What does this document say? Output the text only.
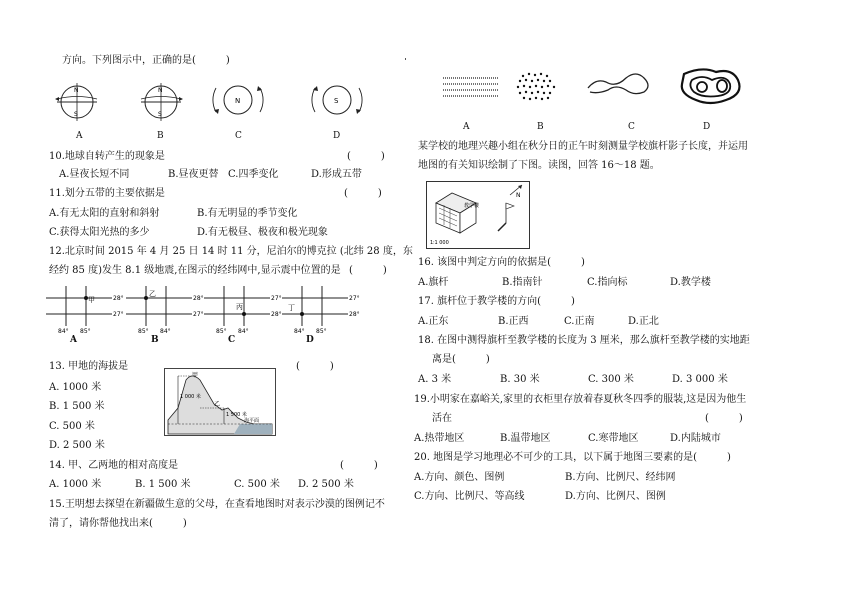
方向。下列图示中，正确的是(　　　)
N
S
N
S
N	S
A	B	C	D
10.地球自转产生的现象是	(　　　)
A.昼夜长短不同	B.昼夜更替 C.四季变化	D.形成五带
11.划分五带的主要依据是	(　　　)
A.有无太阳的直射和斜射	B.有无明显的季节变化
C.获得太阳光热的多少	D.有无极昼、极夜和极光现象
12.北京时间 2015 年 4 月 25 日 14 时 11 分，尼泊尔的博克拉 (北纬 28 度，东
经约 85 度)发生 8.1 级地震,在图示的经纬网中,显示震中位置的是 (　　　)
甲	28°
27°
84° 85°
乙
28°
27°
85° 84°
丙
27°
28°
85° 84°
丁
27°
28°
84° 85°
A	B	C	D
13. 甲地的海拔是	(　　　)
A. 1000 米
B. 1 500 米
C. 500 米
D. 2 500 米
甲
乙
1 000 米
1 500 米
海平面
14. 甲、乙两地的相对高度是	(　　　)
A. 1000 米	B. 1 500 米	C. 500 米 D. 2 500 米
15.王明想去探望在新疆做生意的父母，在查看地图时对表示沙漠的图例记不
清了，请你帮他找出来(　　　)
A	B	C	D
某学校的地理兴趣小组在秋分日的正午时刻测量学校旗杆影子长度，并运用
地图的有关知识绘制了下图。读图，回答 16～18 题。
教学楼
N
1∶1 000
16. 该图中判定方向的依据是(　　　)
A.旗杆	B.指南针	C.指向标	D.教学楼
17. 旗杆位于教学楼的方向(　　　)
A.正东	B.正西	C.正南	D.正北
18. 在图中测得旗杆至教学楼的长度为 3 厘米，那么旗杆至教学楼的实地距
离是(　　　)
A. 3 米	B. 30 米	C. 300 米	D. 3 000 米
19.小明家在嘉峪关,家里的衣柜里存放着春夏秋冬四季的服装,这是因为他生
活在	(　　　)
A.热带地区	B.温带地区	C.寒带地区	D.内陆城市
20. 地图是学习地理必不可少的工具，以下属于地图三要素的是(　　　)
A.方向、颜色、图例	B.方向、比例尺、经纬网
C.方向、比例尺、等高线	D.方向、比例尺、图例
